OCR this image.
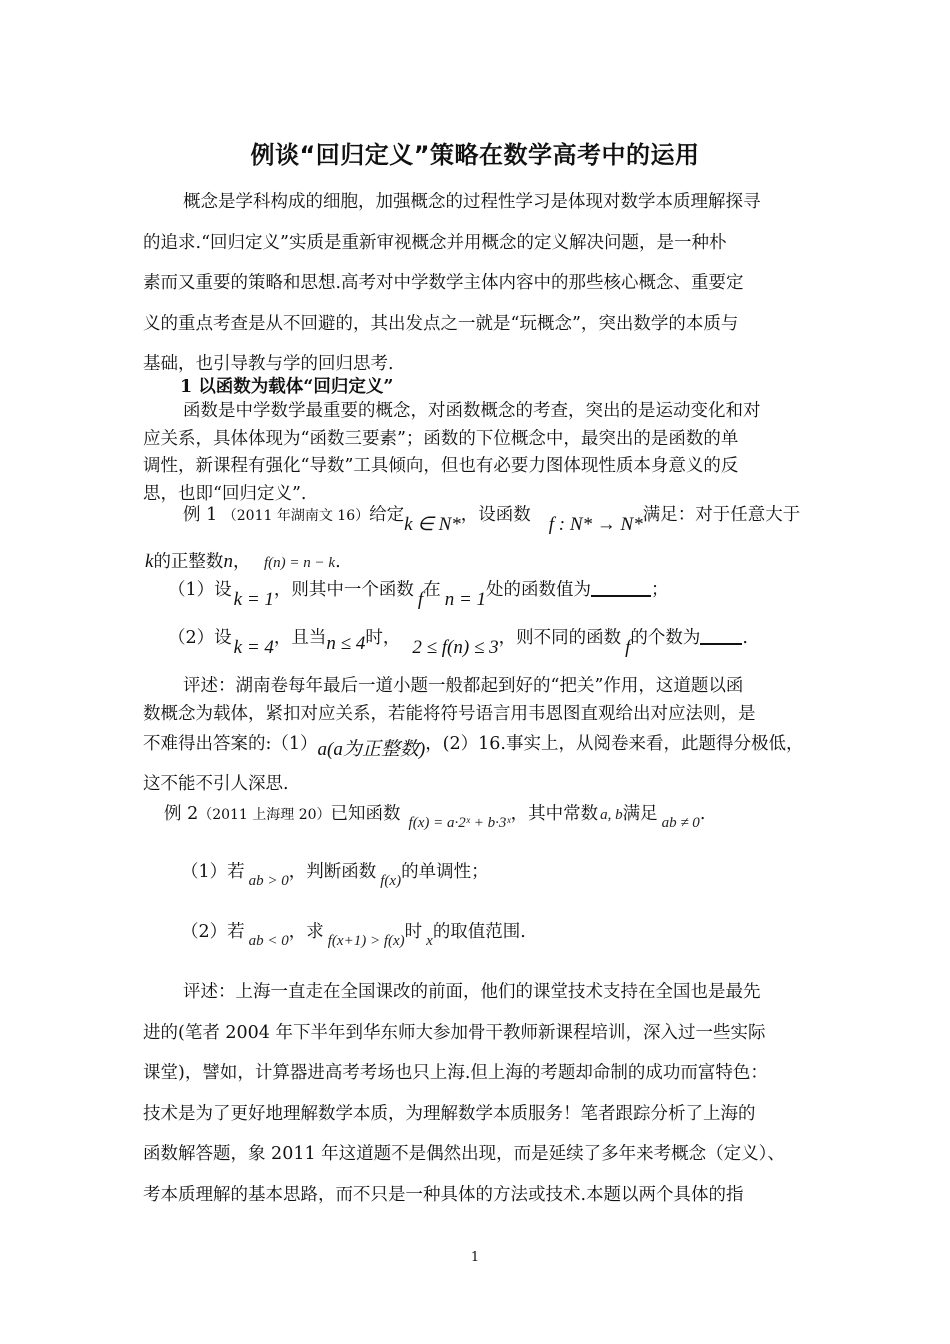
例谈“回归定义”策略在数学高考中的运用
概念是学科构成的细胞，加强概念的过程性学习是体现对数学本质理解探寻
的追求.“回归定义”实质是重新审视概念并用概念的定义解决问题，是一种朴
素而又重要的策略和思想.高考对中学数学主体内容中的那些核心概念、重要定
义的重点考查是从不回避的，其出发点之一就是“玩概念”，突出数学的本质与
基础，也引导教与学的回归思考.
1 以函数为载体“回归定义”
函数是中学数学最重要的概念，对函数概念的考查，突出的是运动变化和对
应关系，具体体现为“函数三要素”；函数的下位概念中，最突出的是函数的单
调性，新课程有强化“导数”工具倾向，但也有必要力图体现性质本身意义的反
思，也即“回归定义”.
例 1 （2011 年湖南文 16）给定k ∈ N*，设函数 f : N* → N*满足：对于任意大于
k的正整数n， f(n) = n − k.
（1）设 k = 1，则其中一个函数 f在 n = 1处的函数值为	；
（2）设 k = 4，且当n ≤ 4时， 2 ≤ f(n) ≤ 3，则不同的函数 f的个数为 .
评述：湖南卷每年最后一道小题一般都起到好的“把关”作用，这道题以函
数概念为载体，紧扣对应关系，若能将符号语言用韦恩图直观给出对应法则，是
不难得出答案的:（1）a(a为正整数)，(2）16.事实上，从阅卷来看，此题得分极低，
这不能不引人深思.
例 2（2011 上海理 20）已知函数 f(x) = a·2ˣ + b·3ˣ，其中常数 a, b满足 ab ≠ 0.
（1）若 ab > 0，判断函数 f(x)的单调性；
（2）若 ab < 0，求 f(x+1) > f(x)时 x的取值范围.
评述：上海一直走在全国课改的前面，他们的课堂技术支持在全国也是最先
进的(笔者 2004 年下半年到华东师大参加骨干教师新课程培训，深入过一些实际
课堂)，譬如，计算器进高考考场也只上海.但上海的考题却命制的成功而富特色：
技术是为了更好地理解数学本质，为理解数学本质服务！笔者跟踪分析了上海的
函数解答题，象 2011 年这道题不是偶然出现，而是延续了多年来考概念（定义）、
考本质理解的基本思路，而不只是一种具体的方法或技术.本题以两个具体的指
1
